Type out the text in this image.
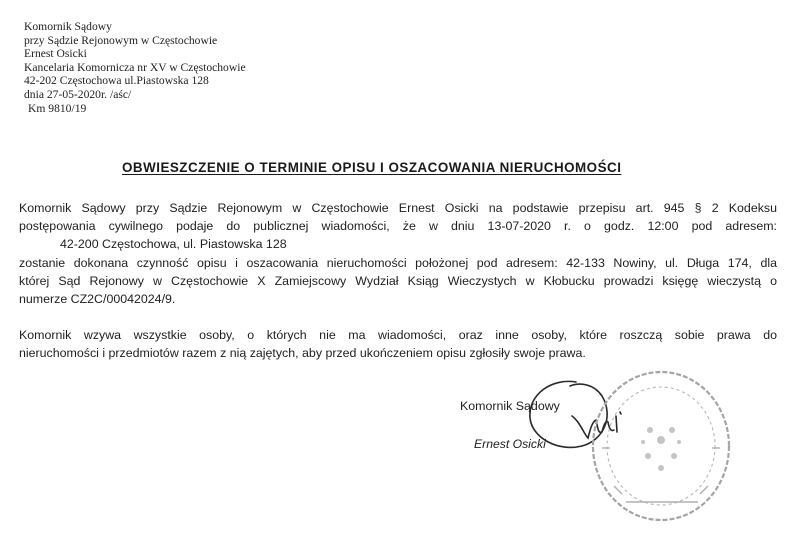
Komornik Sądowy
przy Sądzie Rejonowym w Częstochowie
Ernest Osicki
Kancelaria Komornicza nr XV w Częstochowie
42-202 Częstochowa ul.Piastowska 128
dnia 27-05-2020r. /aśc/
Km 9810/19
OBWIESZCZENIE O TERMINIE OPISU I OSZACOWANIA NIERUCHOMOŚCI
Komornik Sądowy przy Sądzie Rejonowym w Częstochowie Ernest Osicki na podstawie przepisu art. 945 § 2 Kodeksu
postępowania cywilnego podaje do publicznej wiadomości, że w dniu 13-07-2020 r. o godz. 12:00 pod adresem:
42-200 Częstochowa, ul. Piastowska 128
zostanie dokonana czynność opisu i oszacowania nieruchomości położonej pod adresem: 42-133 Nowiny, ul. Długa 174, dla
której Sąd Rejonowy w Częstochowie X Zamiejscowy Wydział Ksiąg Wieczystych w Kłobucku prowadzi księgę wieczystą o
numerze CZ2C/00042024/9.
Komornik wzywa wszystkie osoby, o których nie ma wiadomości, oraz inne osoby, które roszczą sobie prawa do
nieruchomości i przedmiotów razem z nią zajętych, aby przed ukończeniem opisu zgłosiły swoje prawa.
Komornik Sądowy
Ernest Osicki
